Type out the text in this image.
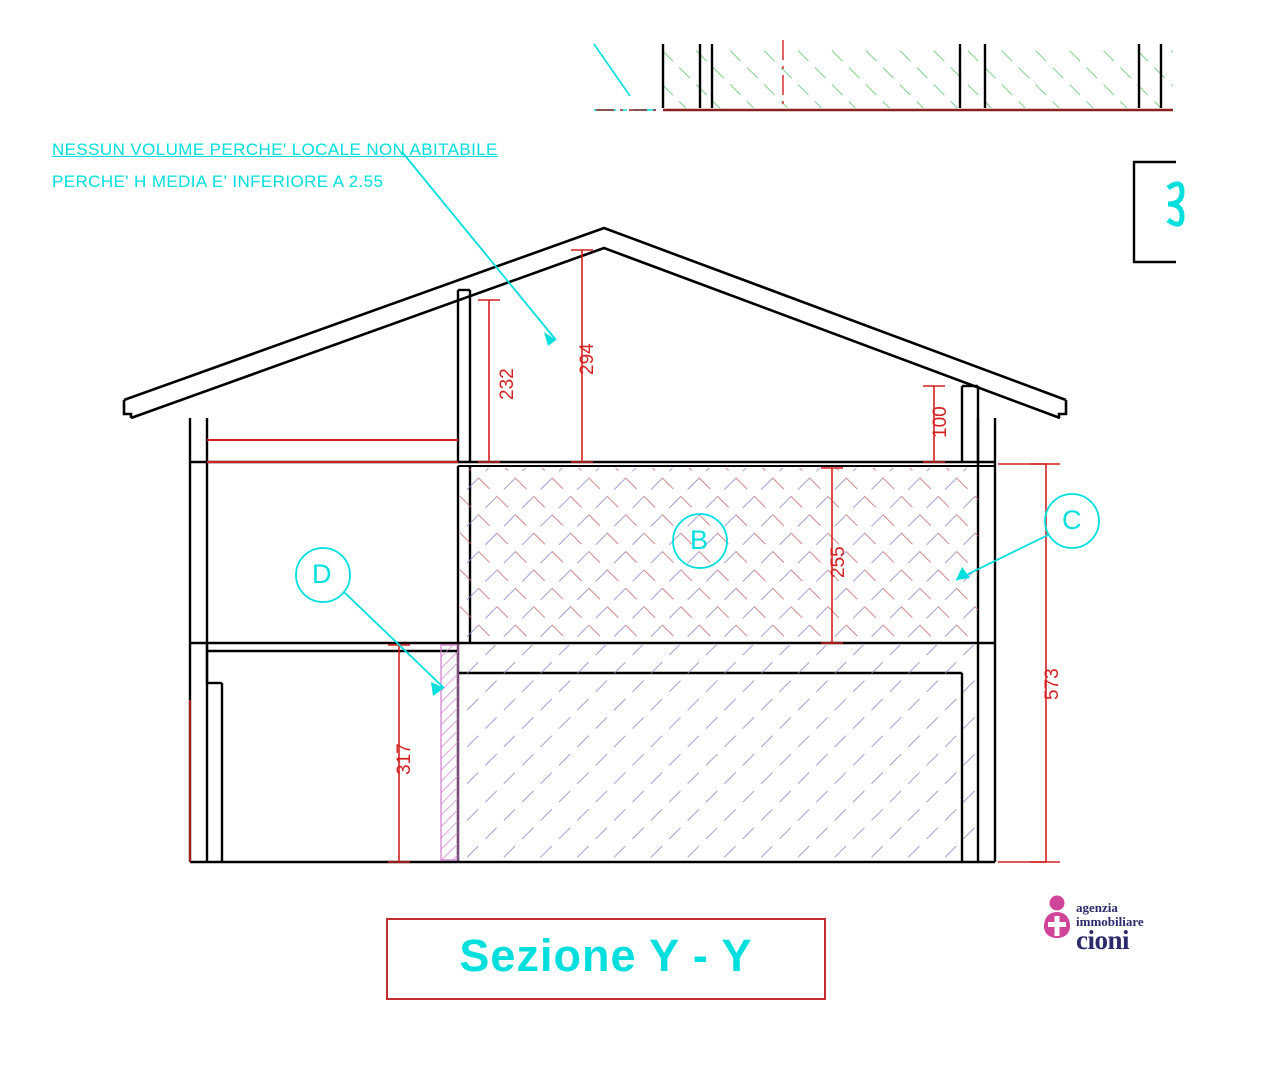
NESSUN VOLUME PERCHE' LOCALE NON ABITABILE
PERCHE' H MEDIA E' INFERIORE A 2.55
232
294
100
255
573
317
B
C
D
Sezione Y - Y
agenzia
immobiliare
cioni
